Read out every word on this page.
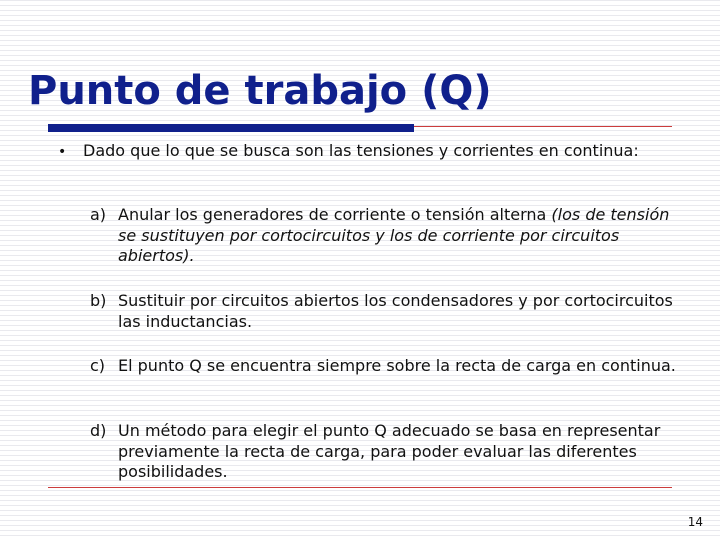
Punto de trabajo (Q)
• Dado que lo que se busca son las tensiones y corrientes en continua:
a) Anular los generadores de corriente o tensión alterna (los de tensión se sustituyen por cortocircuitos y los de corriente por circuitos abiertos).
b) Sustituir por circuitos abiertos los condensadores y por cortocircuitos las inductancias.
c) El punto Q se encuentra siempre sobre la recta de carga en continua.
d) Un método para elegir el punto Q adecuado se basa en representar previamente la recta de carga, para poder evaluar las diferentes posibilidades.
14
